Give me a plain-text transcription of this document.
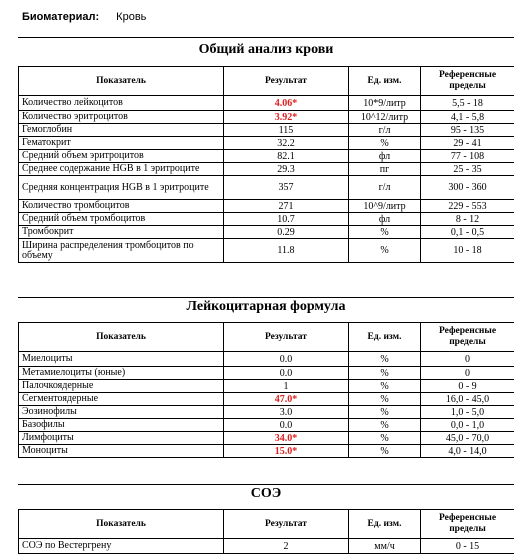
Биоматериал: Кровь
Общий анализ крови
Показатель	Результат	Ед. изм.	Референсные пределы
Количество лейкоцитов	4.06*	10*9/литр	5,5 - 18
Количество эритроцитов	3.92*	10^12/литр	4,1 - 5,8
Гемоглобин	115	г/л	95 - 135
Гематокрит	32.2	%	29 - 41
Средний объем эритроцитов	82.1	фл	77 - 108
Среднее содержание HGB в 1 эритроците	29.3	пг	25 - 35
Средняя концентрация HGB в 1 эритроците	357	г/л	300 - 360
Количество тромбоцитов	271	10^9/литр	229 - 553
Средний объем тромбоцитов	10.7	фл	8 - 12
Тромбокрит	0.29	%	0,1 - 0,5
Ширина распределения тромбоцитов по объему	11.8	%	10 - 18
Лейкоцитарная формула
Показатель	Результат	Ед. изм.	Референсные пределы
Миелоциты	0.0	%	0
Метамиелоциты (юные)	0.0	%	0
Палочкоядерные	1	%	0 - 9
Сегментоядерные	47.0*	%	16,0 - 45,0
Эозинофилы	3.0	%	1,0 - 5,0
Базофилы	0.0	%	0,0 - 1,0
Лимфоциты	34.0*	%	45,0 - 70,0
Моноциты	15.0*	%	4,0 - 14,0
СОЭ
Показатель	Результат	Ед. изм.	Референсные пределы
СОЭ по Вестергрену	2	мм/ч	0 - 15
